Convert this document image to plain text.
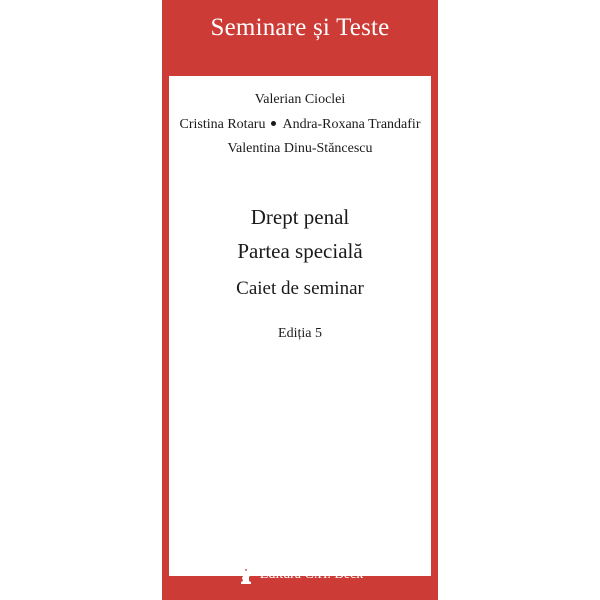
Seminare și Teste
Valerian Cioclei
Cristina Rotaru Andra-Roxana Trandafir
Valentina Dinu-Stăncescu
Drept penal
Partea specială
Caiet de seminar
Ediția 5
Editura C.H. Beck
